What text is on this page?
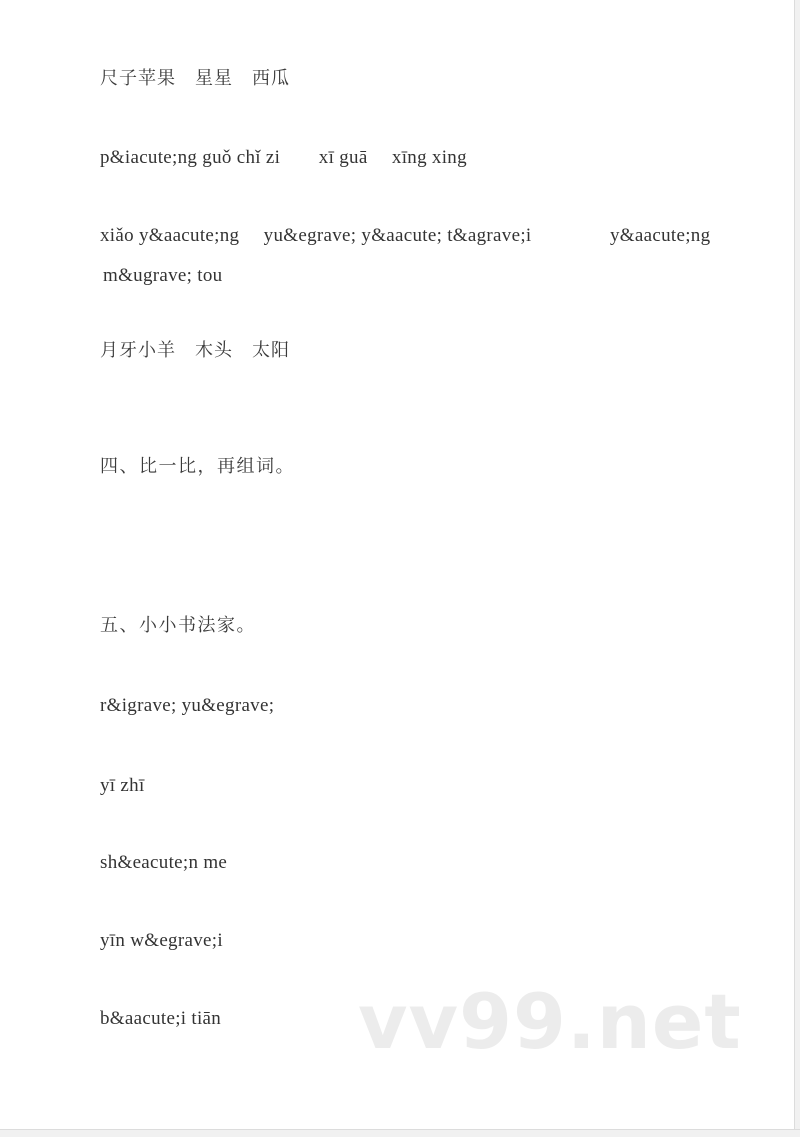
尺子苹果　星星　西瓜
p&iacute;ng guǒ chǐ zi　　xī guā　 xīng xing
xiǎo y&aacute;ng　 yu&egrave; y&aacute; t&agrave;i	y&aacute;ng
m&ugrave; tou
月牙小羊　木头　太阳
四、比一比，再组词。
五、小小书法家。
r&igrave; yu&egrave;
yī zhī
sh&eacute;n me
yīn w&egrave;i
b&aacute;i tiān vv99.net
